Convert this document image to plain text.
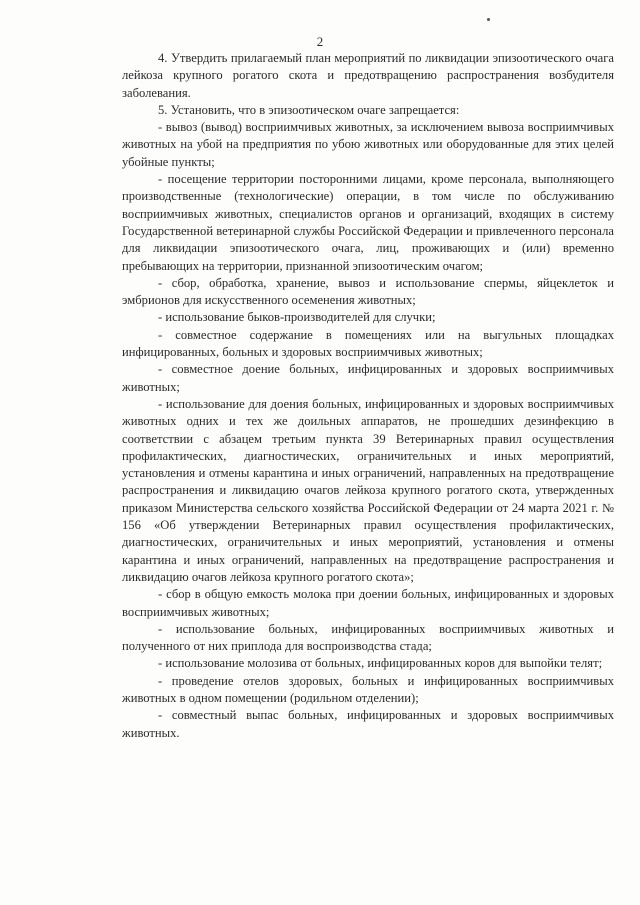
2

4. Утвердить прилагаемый план мероприятий по ликвидации эпизоотического очага лейкоза крупного рогатого скота и предотвращению распространения возбудителя заболевания.

5. Установить, что в эпизоотическом очаге запрещается:

- вывоз (вывод) восприимчивых животных, за исключением вывоза восприимчивых животных на убой на предприятия по убою животных или оборудованные для этих целей убойные пункты;

- посещение территории посторонними лицами, кроме персонала, выполняющего производственные (технологические) операции, в том числе по обслуживанию восприимчивых животных, специалистов органов и организаций, входящих в систему Государственной ветеринарной службы Российской Федерации и привлеченного персонала для ликвидации эпизоотического очага, лиц, проживающих и (или) временно пребывающих на территории, признанной эпизоотическим очагом;

- сбор, обработка, хранение, вывоз и использование спермы, яйцеклеток и эмбрионов для искусственного осеменения животных;

- использование быков-производителей для случки;

- совместное содержание в помещениях или на выгульных площадках инфицированных, больных и здоровых восприимчивых животных;

- совместное доение больных, инфицированных и здоровых восприимчивых животных;

- использование для доения больных, инфицированных и здоровых восприимчивых животных одних и тех же доильных аппаратов, не прошедших дезинфекцию в соответствии с абзацем третьим пункта 39 Ветеринарных правил осуществления профилактических, диагностических, ограничительных и иных мероприятий, установления и отмены карантина и иных ограничений, направленных на предотвращение распространения и ликвидацию очагов лейкоза крупного рогатого скота, утвержденных приказом Министерства сельского хозяйства Российской Федерации от 24 марта 2021 г. № 156 «Об утверждении Ветеринарных правил осуществления профилактических, диагностических, ограничительных и иных мероприятий, установления и отмены карантина и иных ограничений, направленных на предотвращение распространения и ликвидацию очагов лейкоза крупного рогатого скота»;

- сбор в общую емкость молока при доении больных, инфицированных и здоровых восприимчивых животных;

- использование больных, инфицированных восприимчивых животных и полученного от них приплода для воспроизводства стада;

- использование молозива от больных, инфицированных коров для выпойки телят;

- проведение отелов здоровых, больных и инфицированных восприимчивых животных в одном помещении (родильном отделении);

- совместный выпас больных, инфицированных и здоровых восприимчивых животных.
